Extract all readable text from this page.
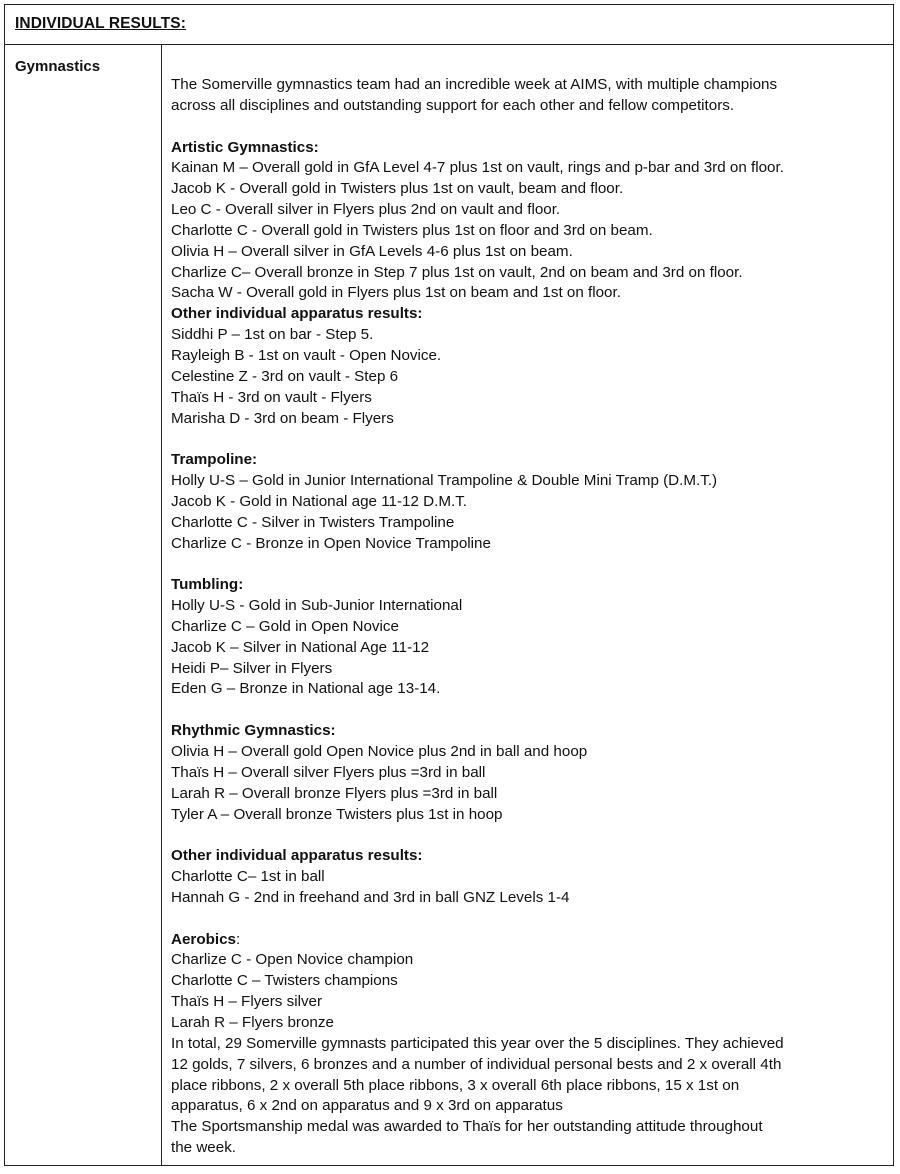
INDIVIDUAL RESULTS:
Gymnastics
The Somerville gymnastics team had an incredible week at AIMS, with multiple champions
across all disciplines and outstanding support for each other and fellow competitors.
Artistic Gymnastics:
Kainan M – Overall gold in GfA Level 4-7 plus 1st on vault, rings and p-bar and 3rd on floor.
Jacob K - Overall gold in Twisters plus 1st on vault, beam and floor.
Leo C - Overall silver in Flyers plus 2nd on vault and floor.
Charlotte C - Overall gold in Twisters plus 1st on floor and 3rd on beam.
Olivia H – Overall silver in GfA Levels 4-6 plus 1st on beam.
Charlize C– Overall bronze in Step 7 plus 1st on vault, 2nd on beam and 3rd on floor.
Sacha W - Overall gold in Flyers plus 1st on beam and 1st on floor.
Other individual apparatus results:
Siddhi P – 1st on bar - Step 5.
Rayleigh B - 1st on vault - Open Novice.
Celestine Z - 3rd on vault - Step 6
Thaïs H - 3rd on vault - Flyers
Marisha D - 3rd on beam - Flyers
Trampoline:
Holly U-S – Gold in Junior International Trampoline & Double Mini Tramp (D.M.T.)
Jacob K - Gold in National age 11-12 D.M.T.
Charlotte C - Silver in Twisters Trampoline
Charlize C - Bronze in Open Novice Trampoline
Tumbling:
Holly U-S - Gold in Sub-Junior International
Charlize C – Gold in Open Novice
Jacob K – Silver in National Age 11-12
Heidi P– Silver in Flyers
Eden G – Bronze in National age 13-14.
Rhythmic Gymnastics:
Olivia H – Overall gold Open Novice plus 2nd in ball and hoop
Thaïs H – Overall silver Flyers plus =3rd in ball
Larah R – Overall bronze Flyers plus =3rd in ball
Tyler A – Overall bronze Twisters plus 1st in hoop
Other individual apparatus results:
Charlotte C– 1st in ball
Hannah G - 2nd in freehand and 3rd in ball GNZ Levels 1-4
Aerobics:
Charlize C - Open Novice champion
Charlotte C – Twisters champions
Thaïs H – Flyers silver
Larah R – Flyers bronze
In total, 29 Somerville gymnasts participated this year over the 5 disciplines. They achieved
12 golds, 7 silvers, 6 bronzes and a number of individual personal bests and 2 x overall 4th
place ribbons, 2 x overall 5th place ribbons, 3 x overall 6th place ribbons, 15 x 1st on
apparatus, 6 x 2nd on apparatus and 9 x 3rd on apparatus
The Sportsmanship medal was awarded to Thaïs for her outstanding attitude throughout
the week.
